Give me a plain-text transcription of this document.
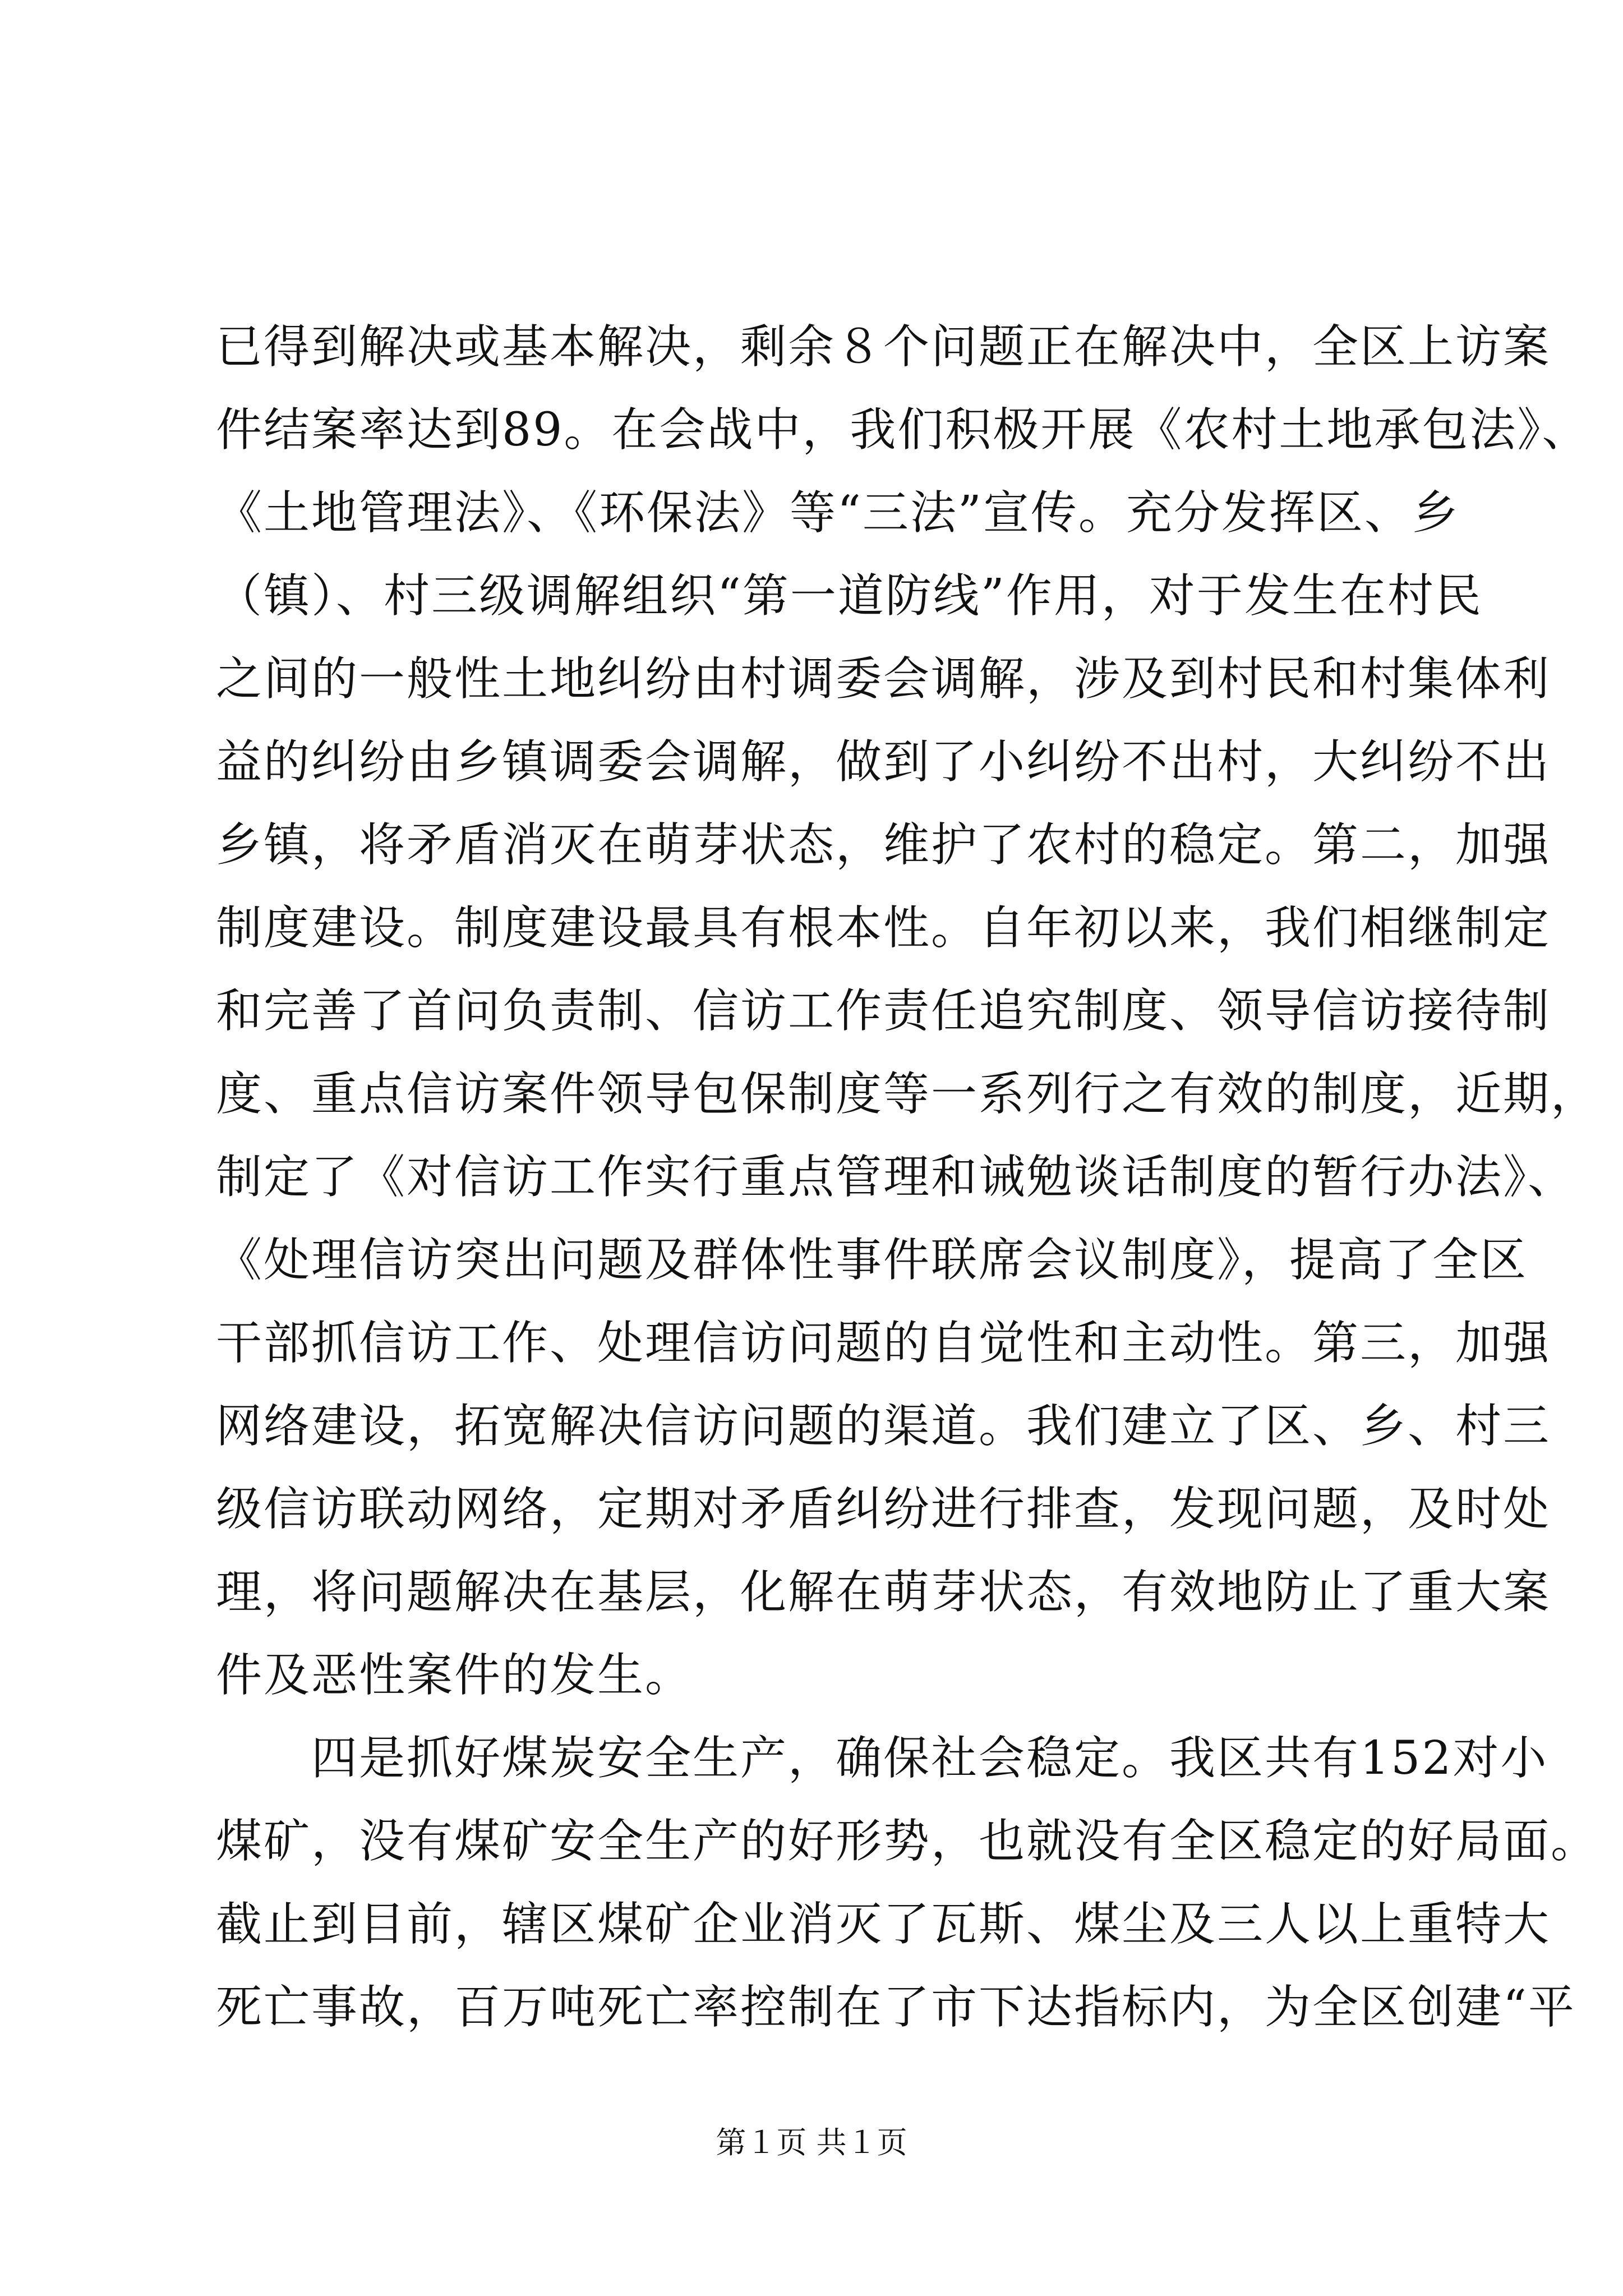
已得到解决或基本解决，剩余８个问题正在解决中，全区上访案
件结案率达到89。在会战中，我们积极开展《农村土地承包法》、
《土地管理法》、《环保法》等“三法”宣传。充分发挥区、乡
（镇）、村三级调解组织“第一道防线”作用，对于发生在村民
之间的一般性土地纠纷由村调委会调解，涉及到村民和村集体利
益的纠纷由乡镇调委会调解，做到了小纠纷不出村，大纠纷不出
乡镇，将矛盾消灭在萌芽状态，维护了农村的稳定。第二，加强
制度建设。制度建设最具有根本性。自年初以来，我们相继制定
和完善了首问负责制、信访工作责任追究制度、领导信访接待制
度、重点信访案件领导包保制度等一系列行之有效的制度，近期，
制定了《对信访工作实行重点管理和诫勉谈话制度的暂行办法》、
《处理信访突出问题及群体性事件联席会议制度》，提高了全区
干部抓信访工作、处理信访问题的自觉性和主动性。第三，加强
网络建设，拓宽解决信访问题的渠道。我们建立了区、乡、村三
级信访联动网络，定期对矛盾纠纷进行排查，发现问题，及时处
理，将问题解决在基层，化解在萌芽状态，有效地防止了重大案
件及恶性案件的发生。
　　四是抓好煤炭安全生产，确保社会稳定。我区共有152对小
煤矿，没有煤矿安全生产的好形势，也就没有全区稳定的好局面。
截止到目前，辖区煤矿企业消灭了瓦斯、煤尘及三人以上重特大
死亡事故，百万吨死亡率控制在了市下达指标内，为全区创建“平
第１页 共１页
